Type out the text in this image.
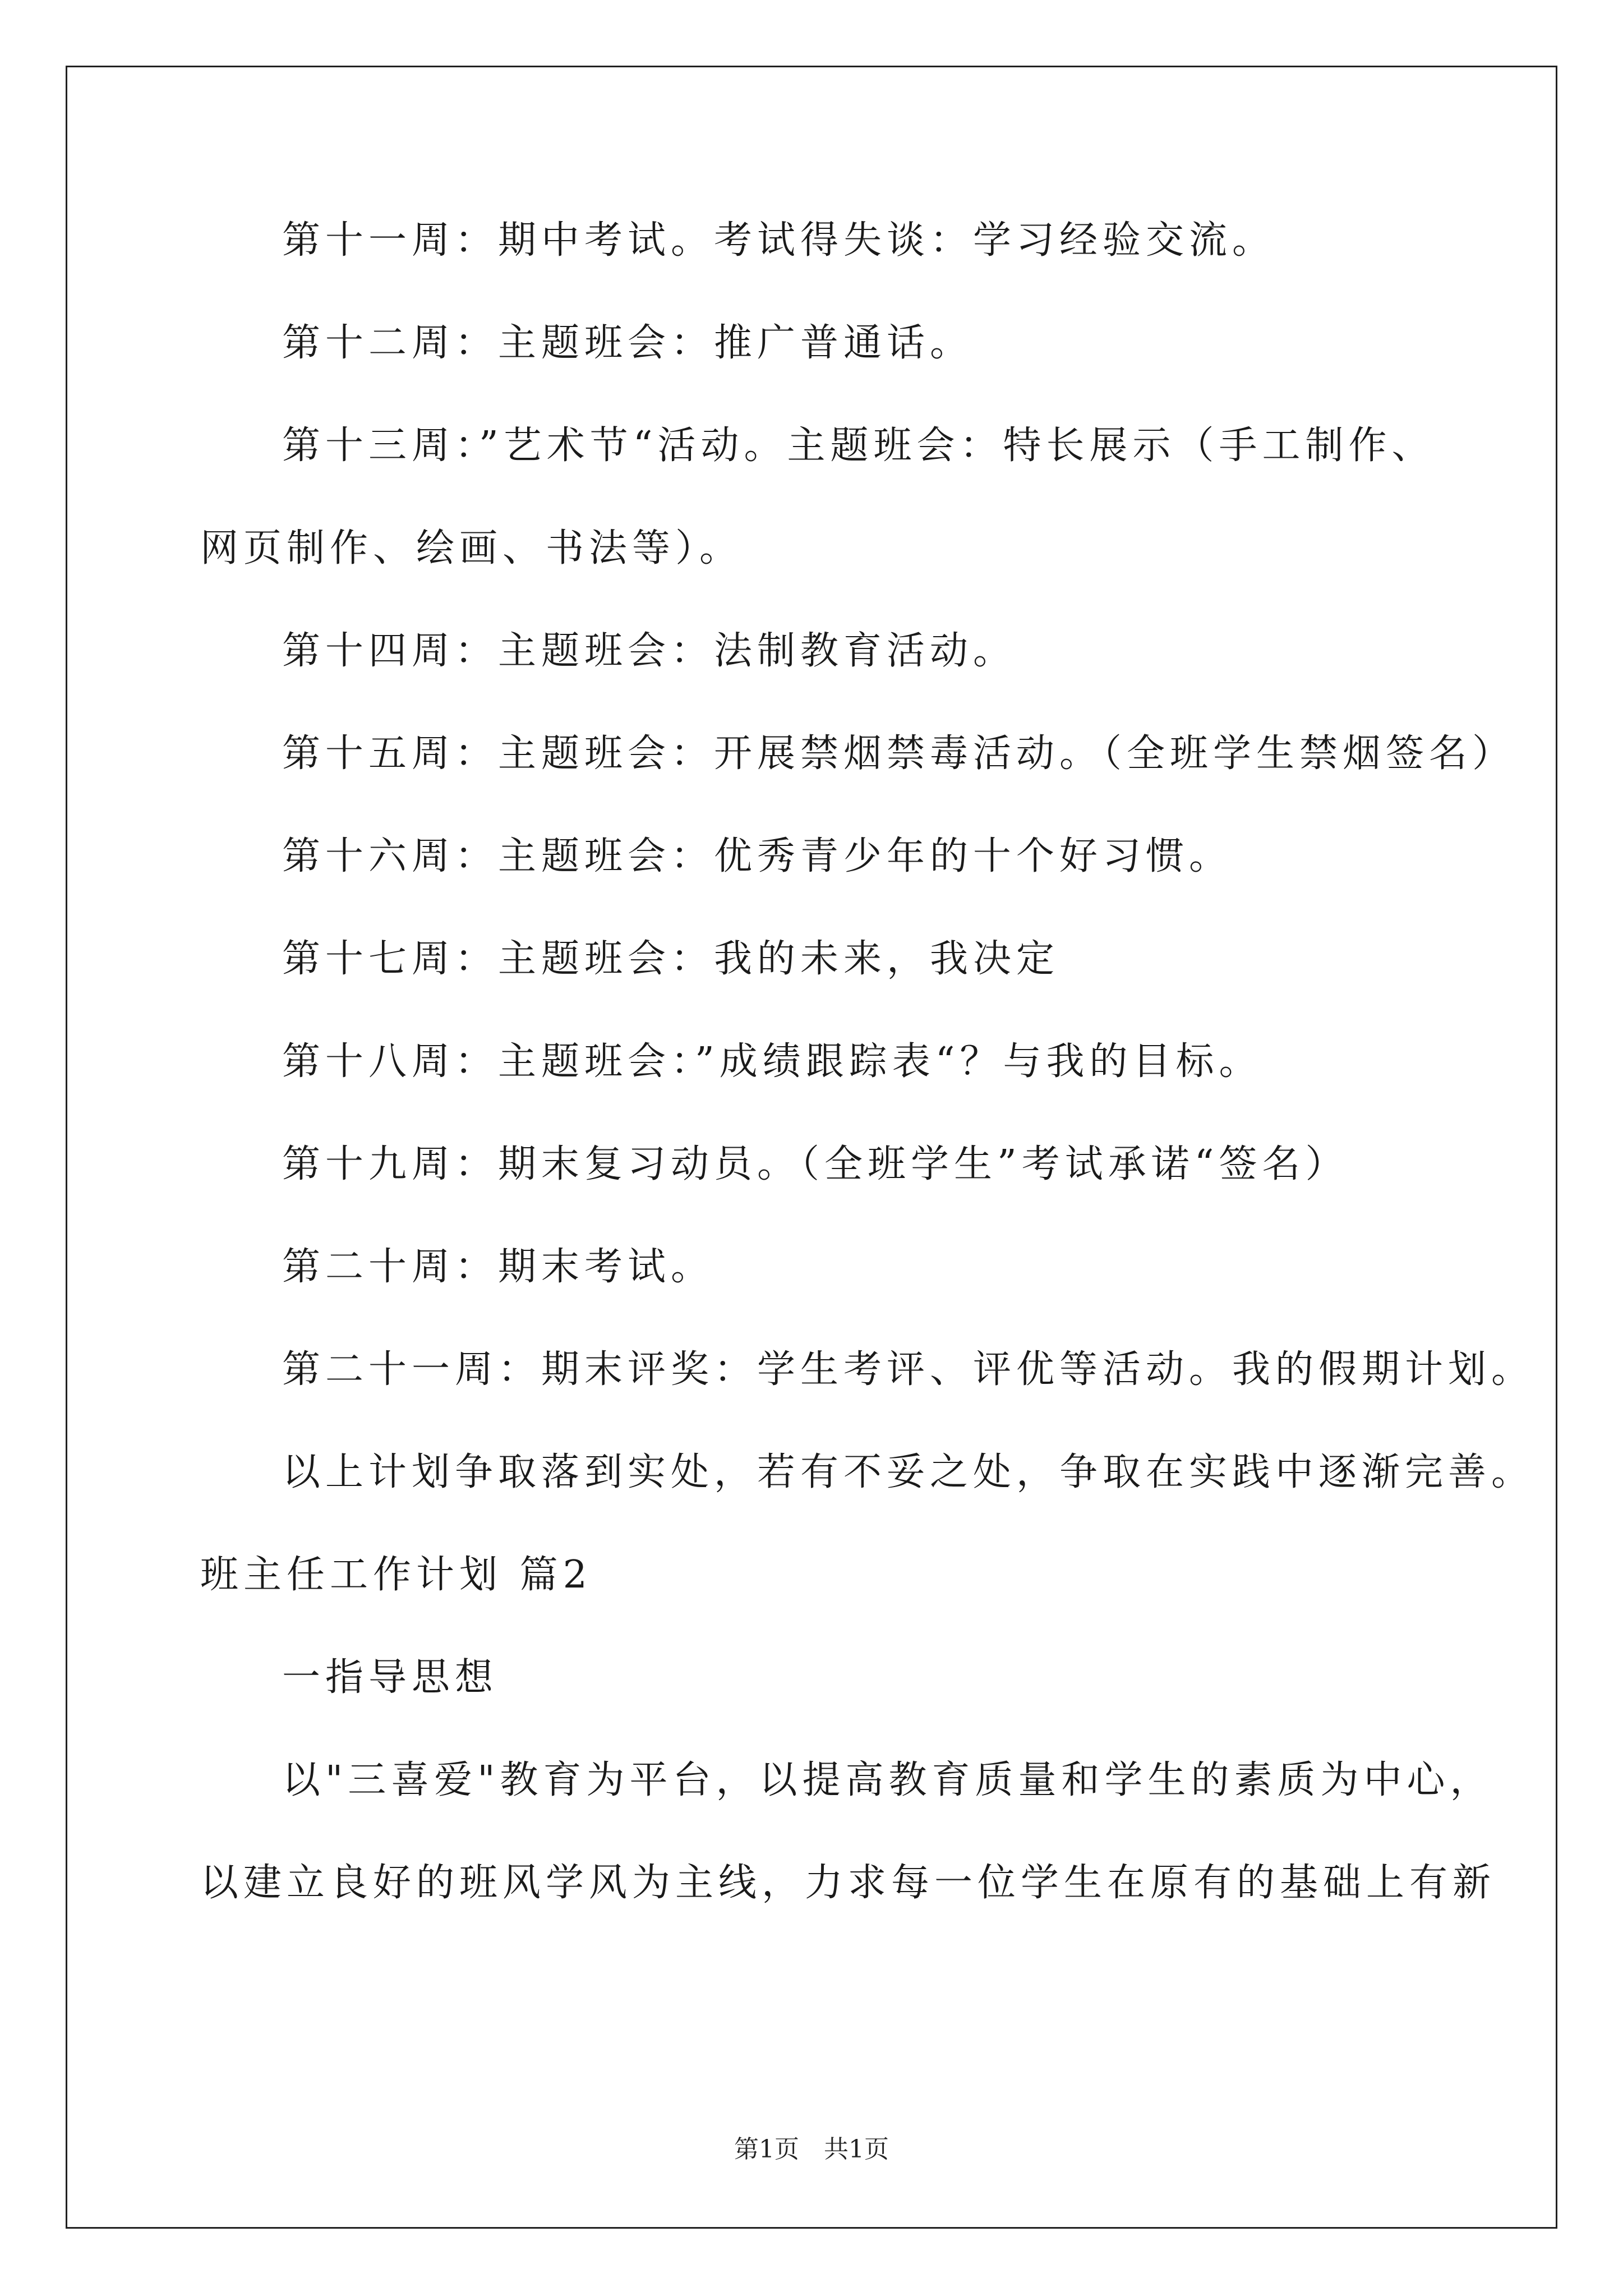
第十一周：期中考试。考试得失谈：学习经验交流。
第十二周：主题班会：推广普通话。
第十三周：”艺术节“活动。主题班会：特长展示（手工制作、
网页制作、绘画、书法等）。
第十四周：主题班会：法制教育活动。
第十五周：主题班会：开展禁烟禁毒活动。（全班学生禁烟签名）
第十六周：主题班会：优秀青少年的十个好习惯。
第十七周：主题班会：我的未来，我决定
第十八周：主题班会：”成绩跟踪表“？与我的目标。
第十九周：期末复习动员。（全班学生”考试承诺“签名）
第二十周：期末考试。
第二十一周：期末评奖：学生考评、评优等活动。我的假期计划。
以上计划争取落到实处，若有不妥之处，争取在实践中逐渐完善。
班主任工作计划 篇2
一指导思想
以"三喜爱"教育为平台，以提高教育质量和学生的素质为中心，
以建立良好的班风学风为主线，力求每一位学生在原有的基础上有新
第1页　共1页
